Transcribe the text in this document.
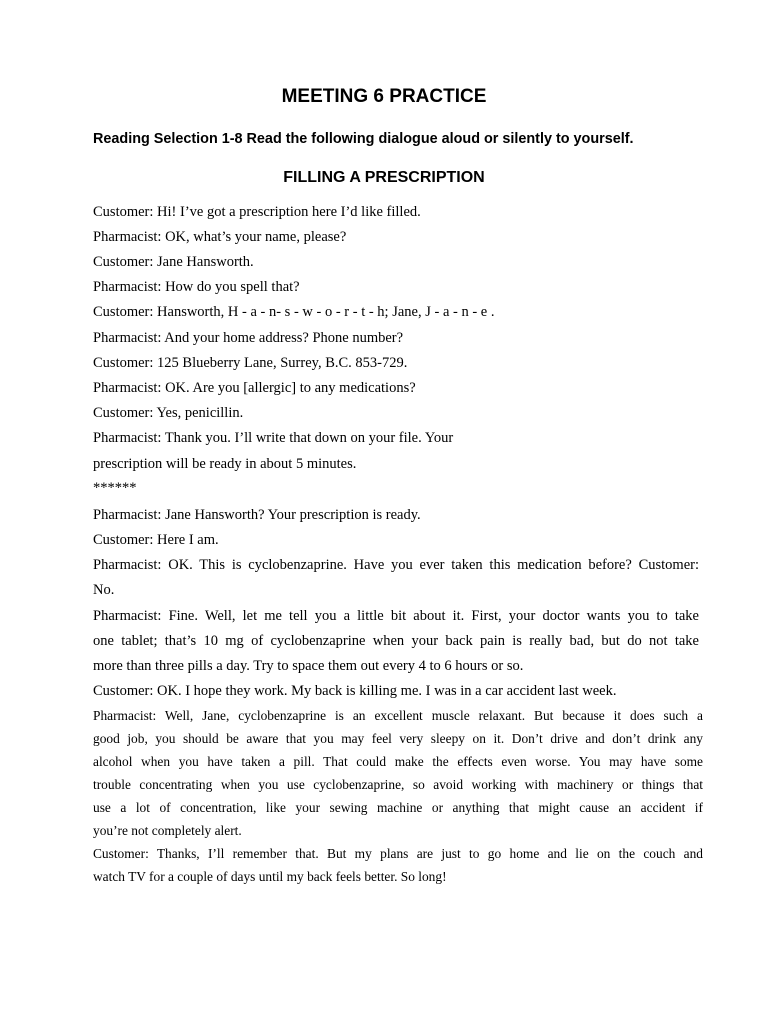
MEETING 6 PRACTICE
Reading Selection 1-8 Read the following dialogue aloud or silently to yourself.
FILLING A PRESCRIPTION
Customer: Hi! I’ve got a prescription here I’d like filled.
Pharmacist: OK, what’s your name, please?
Customer: Jane Hansworth.
Pharmacist: How do you spell that?
Customer: Hansworth, H - a - n- s - w - o - r - t - h; Jane, J - a - n - e .
Pharmacist: And your home address? Phone number?
Customer: 125 Blueberry Lane, Surrey, B.C. 853-729.
Pharmacist: OK. Are you [allergic] to any medications?
Customer: Yes, penicillin.
Pharmacist: Thank you. I’ll write that down on your file. Your
prescription will be ready in about 5 minutes.
******
Pharmacist: Jane Hansworth? Your prescription is ready.
Customer: Here I am.
Pharmacist: OK. This is cyclobenzaprine. Have you ever taken this medication before? Customer:
No.
Pharmacist: Fine. Well, let me tell you a little bit about it. First, your doctor wants you to take
one tablet; that’s 10 mg of cyclobenzaprine when your back pain is really bad, but do not take
more than three pills a day. Try to space them out every 4 to 6 hours or so.
Customer: OK. I hope they work. My back is killing me. I was in a car accident last week.
Pharmacist: Well, Jane, cyclobenzaprine is an excellent muscle relaxant. But because it does such a
good job, you should be aware that you may feel very sleepy on it. Don’t drive and don’t drink any
alcohol when you have taken a pill. That could make the effects even worse. You may have some
trouble concentrating when you use cyclobenzaprine, so avoid working with machinery or things that
use a lot of concentration, like your sewing machine or anything that might cause an accident if
you’re not completely alert.
Customer: Thanks, I’ll remember that. But my plans are just to go home and lie on the couch and
watch TV for a couple of days until my back feels better. So long!
